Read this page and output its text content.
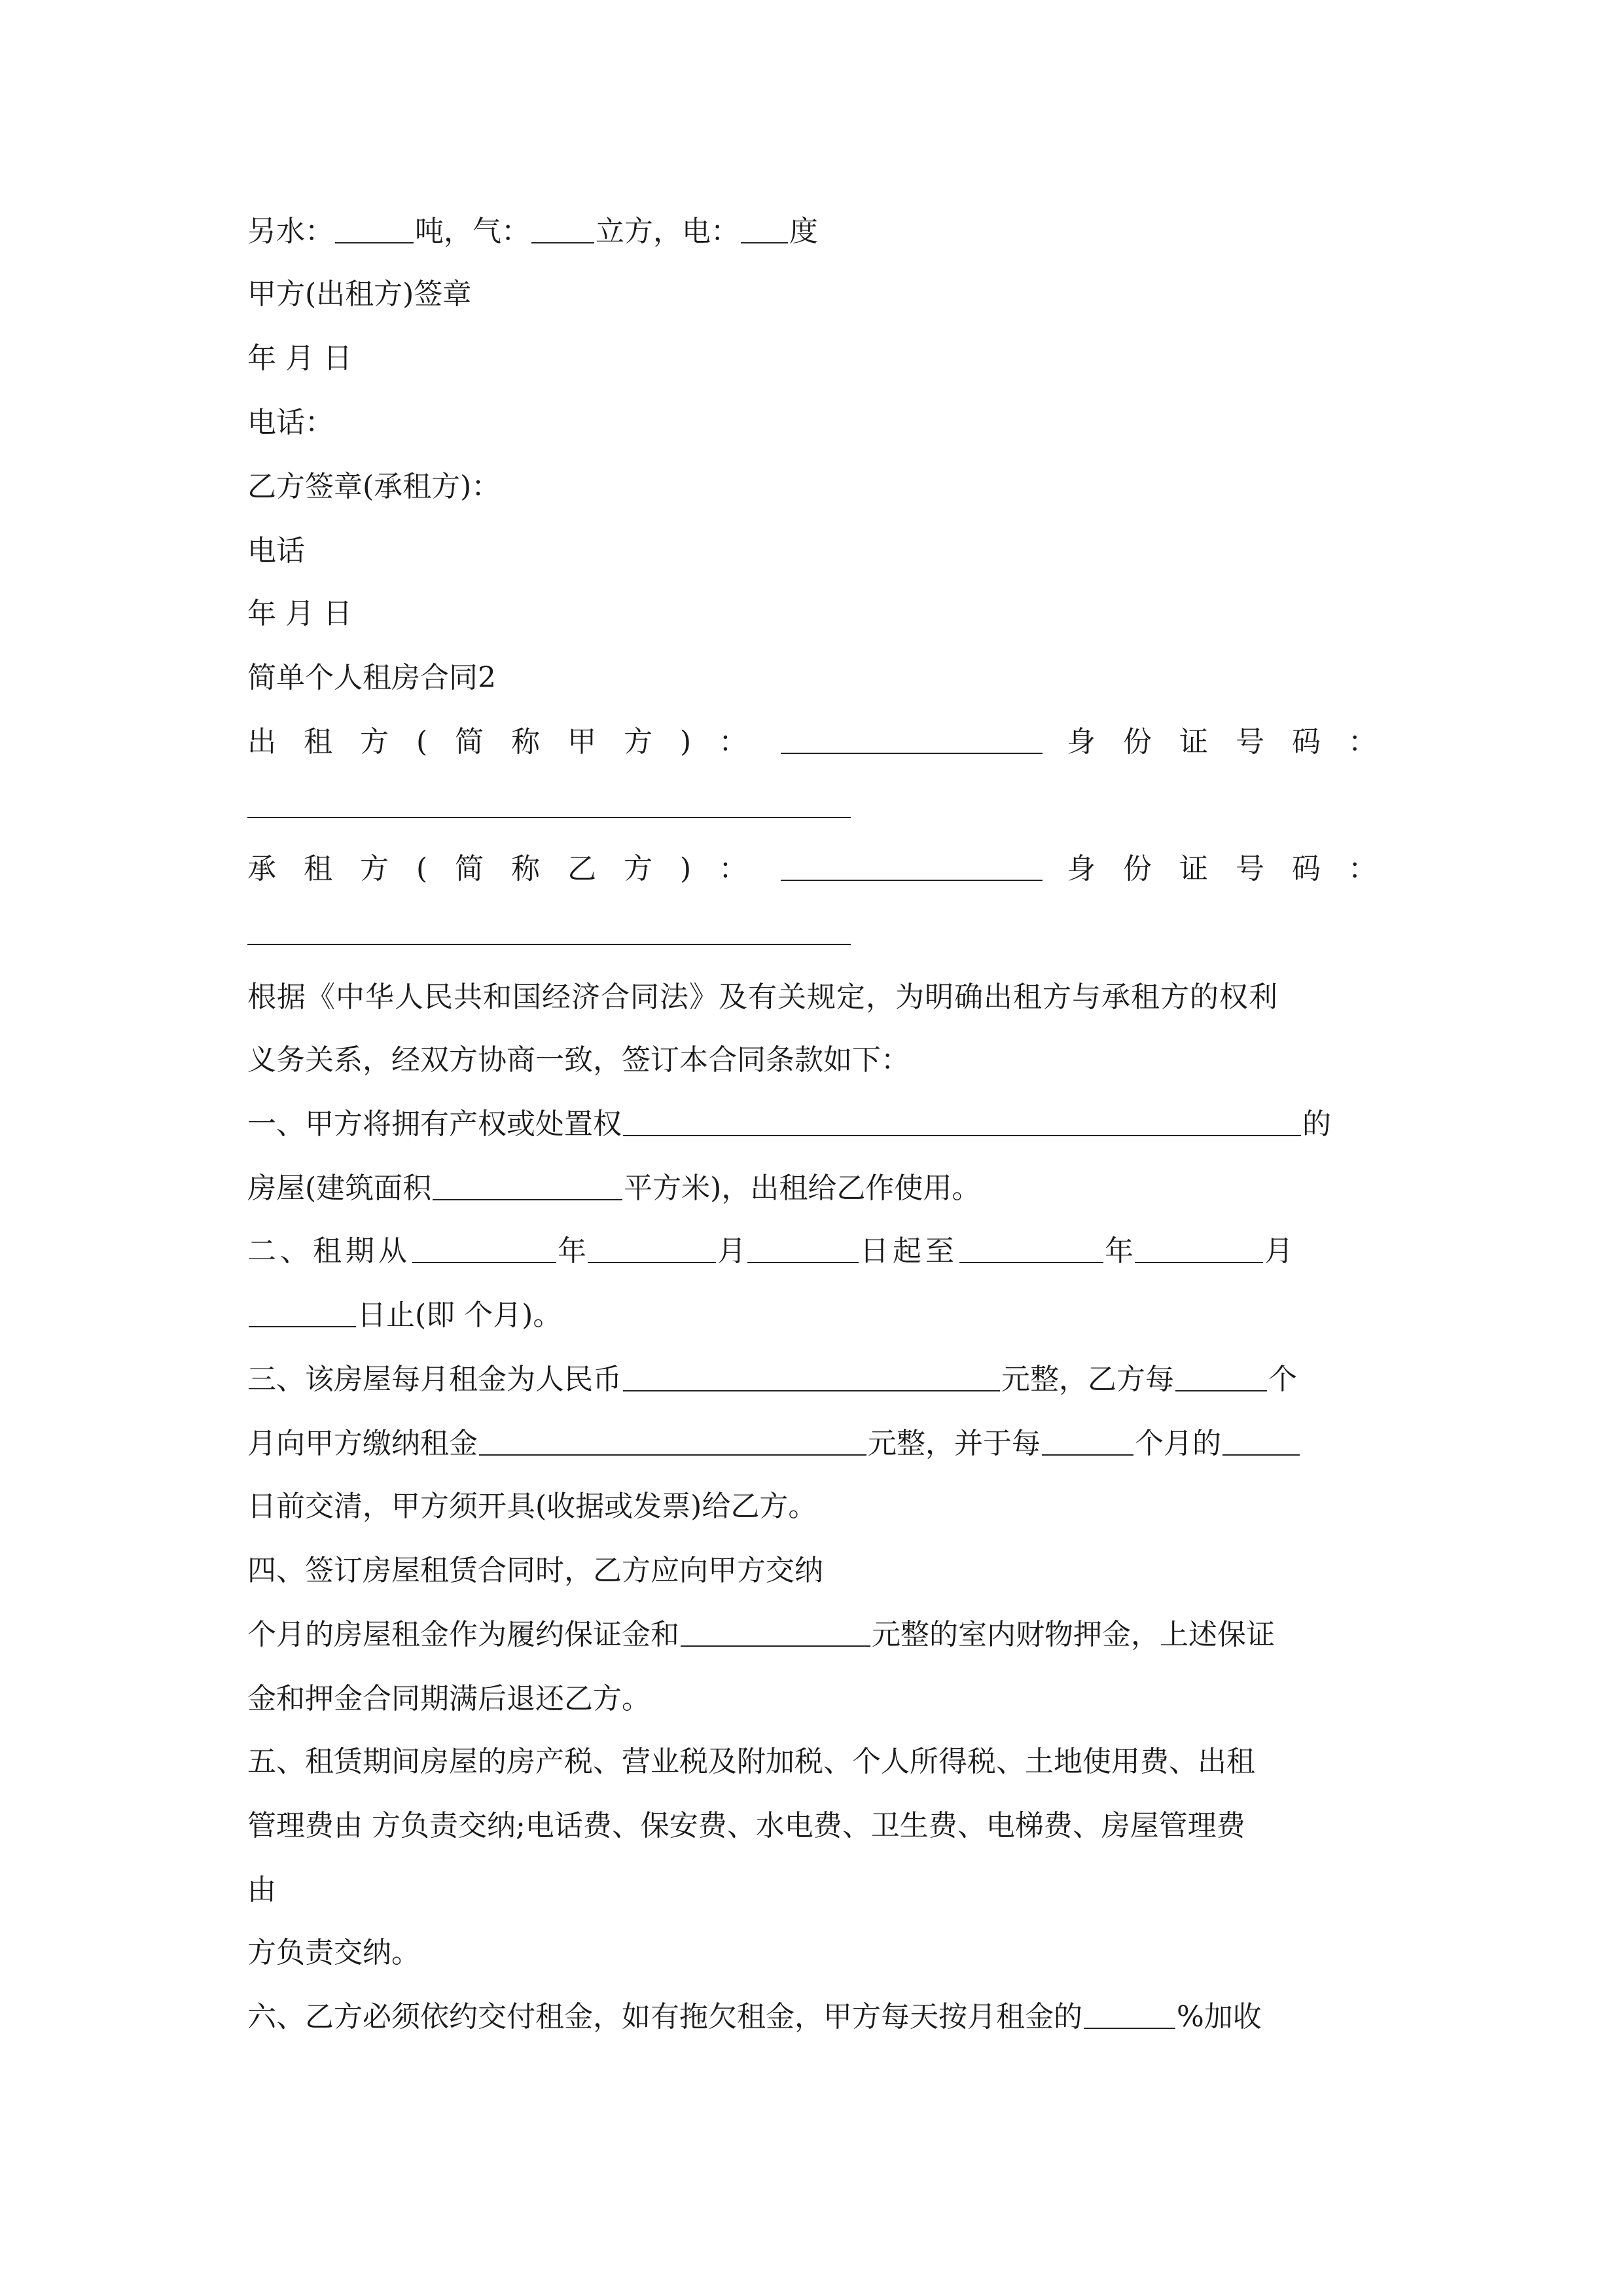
另水：	吨，气： 立方，电： 度
甲方(出租方)签章
年 月 日
电话：
乙方签章(承租方)：
电话
年 月 日
简单个人租房合同2
出 租 方 ( 简 称 甲 方 ) ：	身 份 证 号 码 ：
承 租 方 ( 简 称 乙 方 ) ：	身 份 证 号 码 ：
根据《中华人民共和国经济合同法》及有关规定，为明确出租方与承租方的权利
义务关系，经双方协商一致，签订本合同条款如下：
一、甲方将拥有产权或处置权	的
房屋(建筑面积	平方米)，出租给乙作使用。
二、租期从	年	月	日起至	年	月
日止(即 个月)。
三、该房屋每月租金为人民币	元整，乙方每	个
月向甲方缴纳租金	元整，并于每	个月的
日前交清，甲方须开具(收据或发票)给乙方。
四、签订房屋租赁合同时，乙方应向甲方交纳
个月的房屋租金作为履约保证金和	元整的室内财物押金，上述保证
金和押金合同期满后退还乙方。
五、租赁期间房屋的房产税、营业税及附加税、个人所得税、土地使用费、出租
管理费由 方负责交纳;电话费、保安费、水电费、卫生费、电梯费、房屋管理费
由
方负责交纳。
六、乙方必须依约交付租金，如有拖欠租金，甲方每天按月租金的	%加收
